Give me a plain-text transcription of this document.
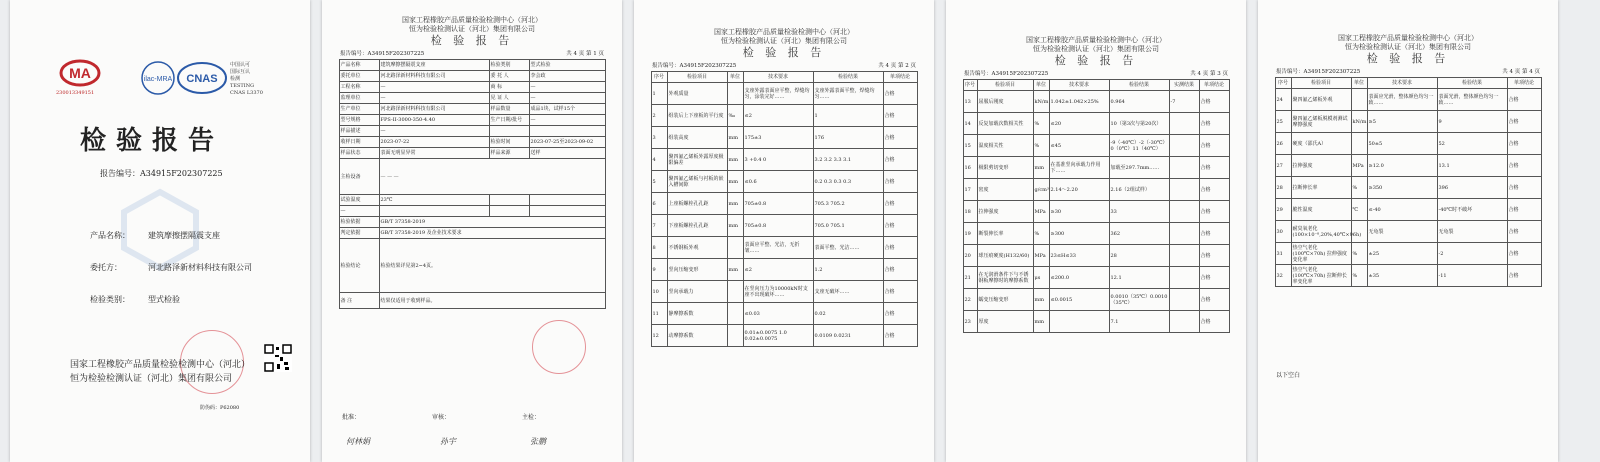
MA
230013349151
ilac-MRA CNAS
中国认可
国际互认
检测
TESTING
CNAS L3370
检验报告
报告编号：A34915F202307225
产品名称： 建筑摩擦摆隔震支座
委托方：	河北路泽新材料科技有限公司
检验类别： 型式检验
国家工程橡胶产品质量检验检测中心（河北）
恒为检验检测认证（河北）集团有限公司
防伪码：P62080
国家工程橡胶产品质量检验检测中心（河北）
恒为检验检测认证（河北）集团有限公司
检 验 报 告
报告编号：A34915F202307225	共 4 页 第 1 页
产品名称	建筑摩擦摆隔震支座	检验类别	型式检验
委托单位	河北路泽新材料科技有限公司	委 托 人	李会政
工程名称	—	商 标	—
监理单位	—	见 证 人	—
生产单位	河北路泽新材料科技有限公司	样品数量	成品1块，试样15个
型号规格	FPS-II-3000-350-4.40	生产日期/批号	—
样品描述	—		
收样日期	2023-07-22	检验时间	2023-07-25至2023-09-02
样品状态	表面无明显异常	样品来源	送样
主检设备	— — —		
试验温度	23℃		
—			
检验依据	GB/T 37358-2019		
判定依据	GB/T 37358-2019 及企业技术要求		
检验结论	检验结果详见第2~4页。		
备 注	结果仅适用于收到样品。		
批准：	审核：	主检：
何林娟	孙宇	张鹏
国家工程橡胶产品质量检验检测中心（河北）
恒为检验检测认证（河北）集团有限公司
检 验 报 告
报告编号：A34915F202307225	共 4 页 第 2 页
序号	检验项目	单位	技术要求	检验结果	单项结论
1	外观质量		支座外露表面应平整，焊缝均匀，涂装完好……	支座外露表面平整，焊缝均匀……	合格
2	组装后上下座板的平行度	‰	≤2	1	合格
3	组装高度	mm	175±3	176	合格
4	聚四氟乙烯板外露厚度极限偏差	mm	3 +0.4 0	3.2 3.2 3.3 3.1	合格
5	聚四氟乙烯板与衬板的嵌入槽间隙	mm	≤0.6	0.2 0.3 0.3 0.3	合格
6	上座板螺栓孔孔距	mm	705±0.8	705.3 705.2	合格
7	下座板螺栓孔孔距	mm	705±0.8	705.0 705.1	合格
8	不锈钢板外观		表面应平整、光洁，无折皱……	表面平整、光洁……	合格
9	竖向压缩变形	mm	≤2	1.2	合格
10	竖向承载力		在竖向压力为10000kN时支座不出现破坏……	支座无破坏……	合格
11	静摩擦系数		≤0.03	0.02	合格
12	动摩擦系数		0.01±0.0075 1.0 0.02±0.0075	0.0109 0.0231	合格
国家工程橡胶产品质量检验检测中心（河北）
恒为检验检测认证（河北）集团有限公司
检 验 报 告
报告编号：A34915F202307225	共 4 页 第 3 页
序号	检验项目	单位	技术要求	检验结果	实测结果	单项结论
13	屈服后刚度	kN/m	1.042±1.042×25%	0.964	-7	合格
14	反复加载次数相关性	%	≤20	10（第3次与第20次）		合格
15	温度相关性	%	≤45	-9（-40℃）-2（-30℃）0（0℃）11（40℃）		合格
16	极限剪切变形	mm	在基准竖向承载力作用下……	加载至297.7mm……		合格
17	密度	g/cm³	2.14～2.20	2.16（2组试样）		合格
18	拉伸强度	MPa	≥30	33		合格
19	断裂伸长率	%	≥300	362		合格
20	球压痕硬度(H132/60)	MPa	23≤H≤33	28		合格
21	在无润滑条件下与不锈钢板摩擦时的摩擦系数	μs	≤200.0	12.1		合格
22	蠕变压缩变形	mm	≤0.0015	0.0010（35℃）0.0010（35℃）		合格
23	厚度	mm		7.1		合格
国家工程橡胶产品质量检验检测中心（河北）
恒为检验检测认证（河北）集团有限公司
检 验 报 告
报告编号：A34915F202307225	共 4 页 第 4 页
序号	检验项目	单位	技术要求	检验结果	单项结论
24	聚四氟乙烯板外观		表面应光滑，整体颜色均匀一致……	表面光滑，整体颜色均匀一致……	合格
25	聚四氟乙烯板脱模剂测试摩擦强度	kN/m	≥5	9	合格
26	硬度（邵氏A）		50±5	52	合格
27	拉伸强度	MPa	≥12.0	13.1	合格
28	拉断伸长率	%	≥350	396	合格
29	脆性温度	℃	≤-40	-40℃时不破坏	合格
30	耐臭氧老化(100×10⁻⁸,20%,40℃×96h)		无龟裂	无龟裂	合格
31	热空气老化(100℃×70h) 拉伸强度变化率	%	±25	-2	合格
32	热空气老化(100℃×70h) 拉断伸长率变化率	%	±35	-11	合格
以下空白
